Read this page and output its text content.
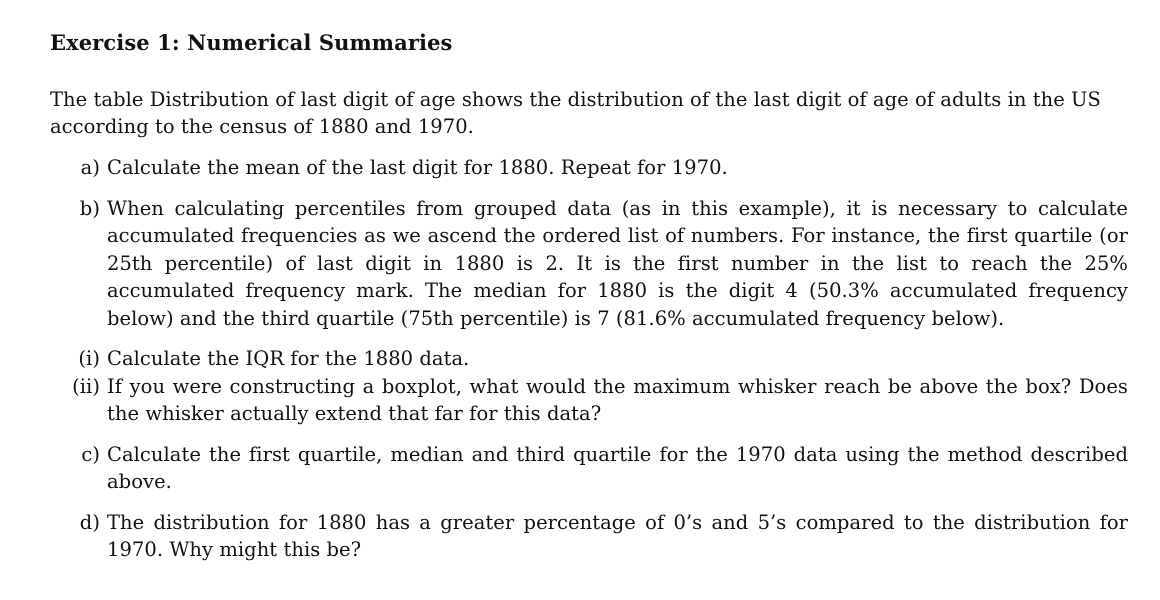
Exercise 1: Numerical Summaries

The table Distribution of last digit of age shows the distribution of the last digit of age of adults in the US according to the census of 1880 and 1970.

a) Calculate the mean of the last digit for 1880. Repeat for 1970.
b) When calculating percentiles from grouped data (as in this example), it is necessary to calculate accumulated frequencies as we ascend the ordered list of numbers. For instance, the first quartile (or 25th percentile) of last digit in 1880 is 2. It is the first number in the list to reach the 25% accumulated frequency mark. The median for 1880 is the digit 4 (50.3% accumulated frequency below) and the third quartile (75th percentile) is 7 (81.6% accumulated frequency below).
(i) Calculate the IQR for the 1880 data.
(ii) If you were constructing a boxplot, what would the maximum whisker reach be above the box? Does the whisker actually extend that far for this data?
c) Calculate the first quartile, median and third quartile for the 1970 data using the method described above.
d) The distribution for 1880 has a greater percentage of 0’s and 5’s compared to the distribution for 1970. Why might this be?
